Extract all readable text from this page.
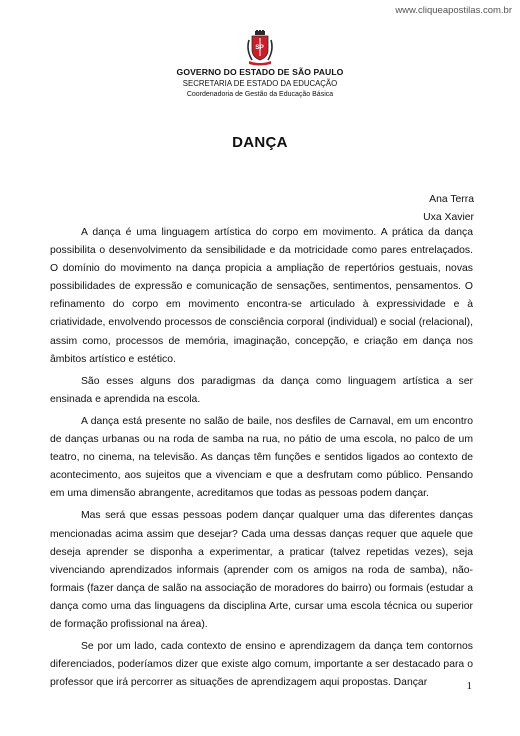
www.cliqueapostilas.com.br
SP
GOVERNO DO ESTADO DE SÃO PAULO
SECRETARIA DE ESTADO DA EDUCAÇÃO
Coordenadoria de Gestão da Educação Básica
DANÇA
Ana Terra
Uxa Xavier

A dança é uma linguagem artística do corpo em movimento. A prática da dança possibilita o desenvolvimento da sensibilidade e da motricidade como pares entrelaçados. O domínio do movimento na dança propicia a ampliação de repertórios gestuais, novas possibilidades de expressão e comunicação de sensações, sentimentos, pensamentos. O refinamento do corpo em movimento encontra-se articulado à expressividade e à criatividade, envolvendo processos de consciência corporal (individual) e social (relacional), assim como, processos de memória, imaginação, concepção, e criação em dança nos âmbitos artístico e estético.

São esses alguns dos paradigmas da dança como linguagem artística a ser ensinada e aprendida na escola.

A dança está presente no salão de baile, nos desfiles de Carnaval, em um encontro de danças urbanas ou na roda de samba na rua, no pátio de uma escola, no palco de um teatro, no cinema, na televisão. As danças têm funções e sentidos ligados ao contexto de acontecimento, aos sujeitos que a vivenciam e que a desfrutam como público. Pensando em uma dimensão abrangente, acreditamos que todas as pessoas podem dançar.

Mas será que essas pessoas podem dançar qualquer uma das diferentes danças mencionadas acima assim que desejar? Cada uma dessas danças requer que aquele que deseja aprender se disponha a experimentar, a praticar (talvez repetidas vezes), seja vivenciando aprendizados informais (aprender com os amigos na roda de samba), não-formais (fazer dança de salão na associação de moradores do bairro) ou formais (estudar a dança como uma das linguagens da disciplina Arte, cursar uma escola técnica ou superior de formação profissional na área).

Se por um lado, cada contexto de ensino e aprendizagem da dança tem contornos diferenciados, poderíamos dizer que existe algo comum, importante a ser destacado para o professor que irá percorrer as situações de aprendizagem aqui propostas. Dançar	1
